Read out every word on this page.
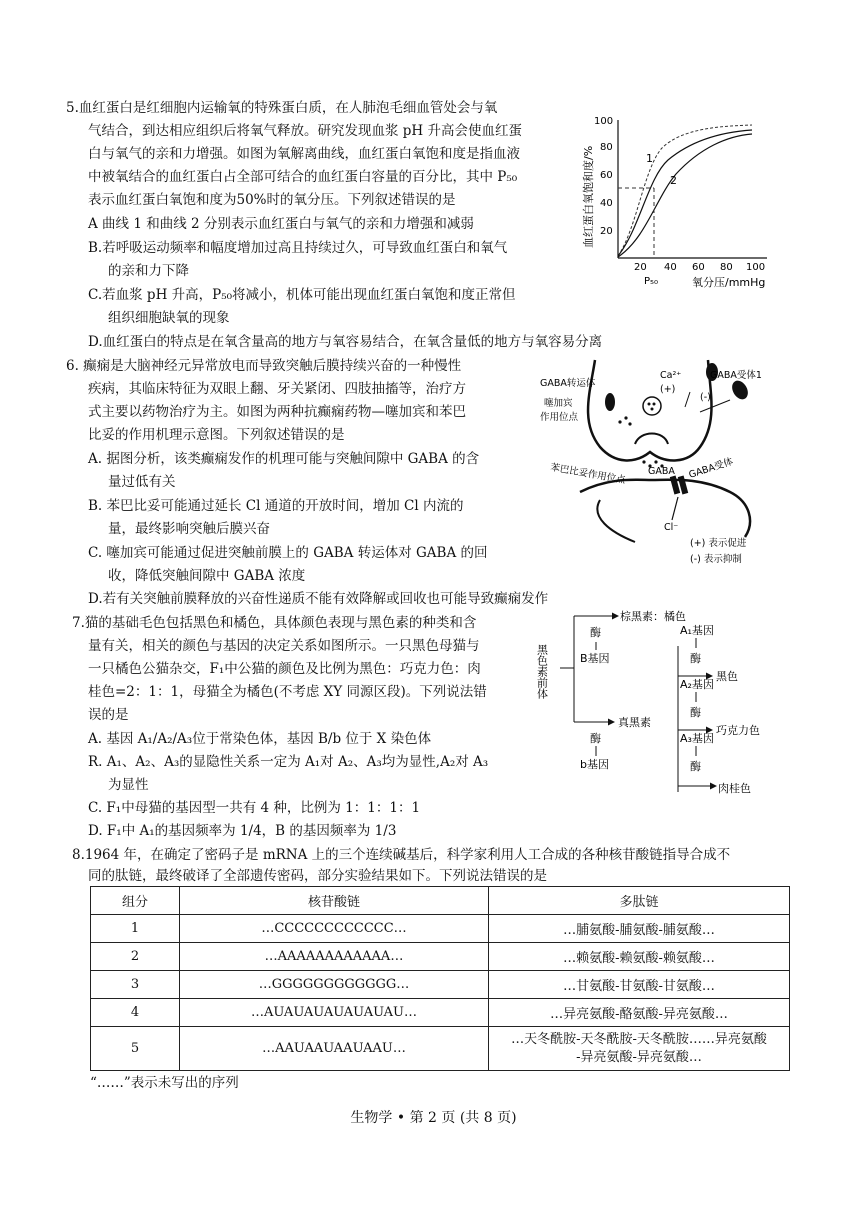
5.血红蛋白是红细胞内运输氧的特殊蛋白质，在人肺泡毛细血管处会与氧
气结合，到达相应组织后将氧气释放。研究发现血浆 pH 升高会使血红蛋
白与氧气的亲和力增强。如图为氧解离曲线，血红蛋白氧饱和度是指血液
中被氧结合的血红蛋白占全部可结合的血红蛋白容量的百分比，其中 P₅₀
表示血红蛋白氧饱和度为50%时的氧分压。下列叙述错误的是
A 曲线 1 和曲线 2 分别表示血红蛋白与氧气的亲和力增强和减弱
B.若呼吸运动频率和幅度增加过高且持续过久，可导致血红蛋白和氧气
的亲和力下降
C.若血浆 pH 升高，P₅₀将减小，机体可能出现血红蛋白氧饱和度正常但
组织细胞缺氧的现象
D.血红蛋白的特点是在氧含量高的地方与氧容易结合，在氧含量低的地方与氧容易分离
血红蛋白氧饱和度/%
100
80
60
40
20
20 40 60 80 100
1
2
P₅₀	氧分压/mmHg
6. 癫痫是大脑神经元异常放电而导致突触后膜持续兴奋的一种慢性
疾病，其临床特征为双眼上翻、牙关紧闭、四肢抽搐等，治疗方
式主要以药物治疗为主。如图为两种抗癫痫药物—噻加宾和苯巴
比妥的作用机理示意图。下列叙述错误的是
A. 据图分析，该类癫痫发作的机理可能与突触间隙中 GABA 的含
量过低有关
B. 苯巴比妥可能通过延长 Cl 通道的开放时间，增加 Cl 内流的
量，最终影响突触后膜兴奋
C. 噻加宾可能通过促进突触前膜上的 GABA 转运体对 GABA 的回
收，降低突触间隙中 GABA 浓度
D.若有关突触前膜释放的兴奋性递质不能有效降解或回收也可能导致癫痫发作
GABA转运体
噻加宾
作用位点
Ca²⁺
(+)
(-)
GABA受体1
GABA GABA受体
苯巴比妥作用位点
Cl⁻
(+) 表示促进
(-) 表示抑制
7.猫的基础毛色包括黑色和橘色，具体颜色表现与黑色素的种类和含
量有关，相关的颜色与基因的决定关系如图所示。一只黑色母猫与
一只橘色公猫杂交，F₁中公猫的颜色及比例为黑色：巧克力色：肉
桂色=2：1：1，母猫全为橘色(不考虑 XY 同源区段)。下列说法错
误的是
A. 基因 A₁/A₂/A₃位于常染色体，基因 B/b 位于 X 染色体
R. A₁、A₂、A₃的显隐性关系一定为 A₁对 A₂、A₃均为显性,A₂对 A₃
为显性
C. F₁中母猫的基因型一共有 4 种，比例为 1：1：1：1
D. F₁中 A₁的基因频率为 1/4，B 的基因频率为 1/3
黑色素前体
酶
B基因
酶
b基因
棕黑素：橘色
真黑素
A₁基因
酶
黑色
A₂基因
酶
巧克力色
A₃基因
酶
肉桂色
8.1964 年，在确定了密码子是 mRNA 上的三个连续碱基后，科学家利用人工合成的各种核苷酸链指导合成不
同的肽链，最终破译了全部遗传密码，部分实验结果如下。下列说法错误的是
组分	核苷酸链	多肽链
1	…CCCCCCCCCCCC…	…脯氨酸-脯氨酸-脯氨酸…
2	…AAAAAAAAAAAA…	…赖氨酸-赖氨酸-赖氨酸…
3	…GGGGGGGGGGGG…	…甘氨酸-甘氨酸-甘氨酸…
4	…AUAUAUAUAUAUAU…	…异亮氨酸-酪氨酸-异亮氨酸…
5	…AAUAAUAAUAAU…	…天冬酰胺-天冬酰胺-天冬酰胺……异亮氨酸
-异亮氨酸-异亮氨酸…
“……”表示未写出的序列
生物学 • 第 2 页 (共 8 页)
